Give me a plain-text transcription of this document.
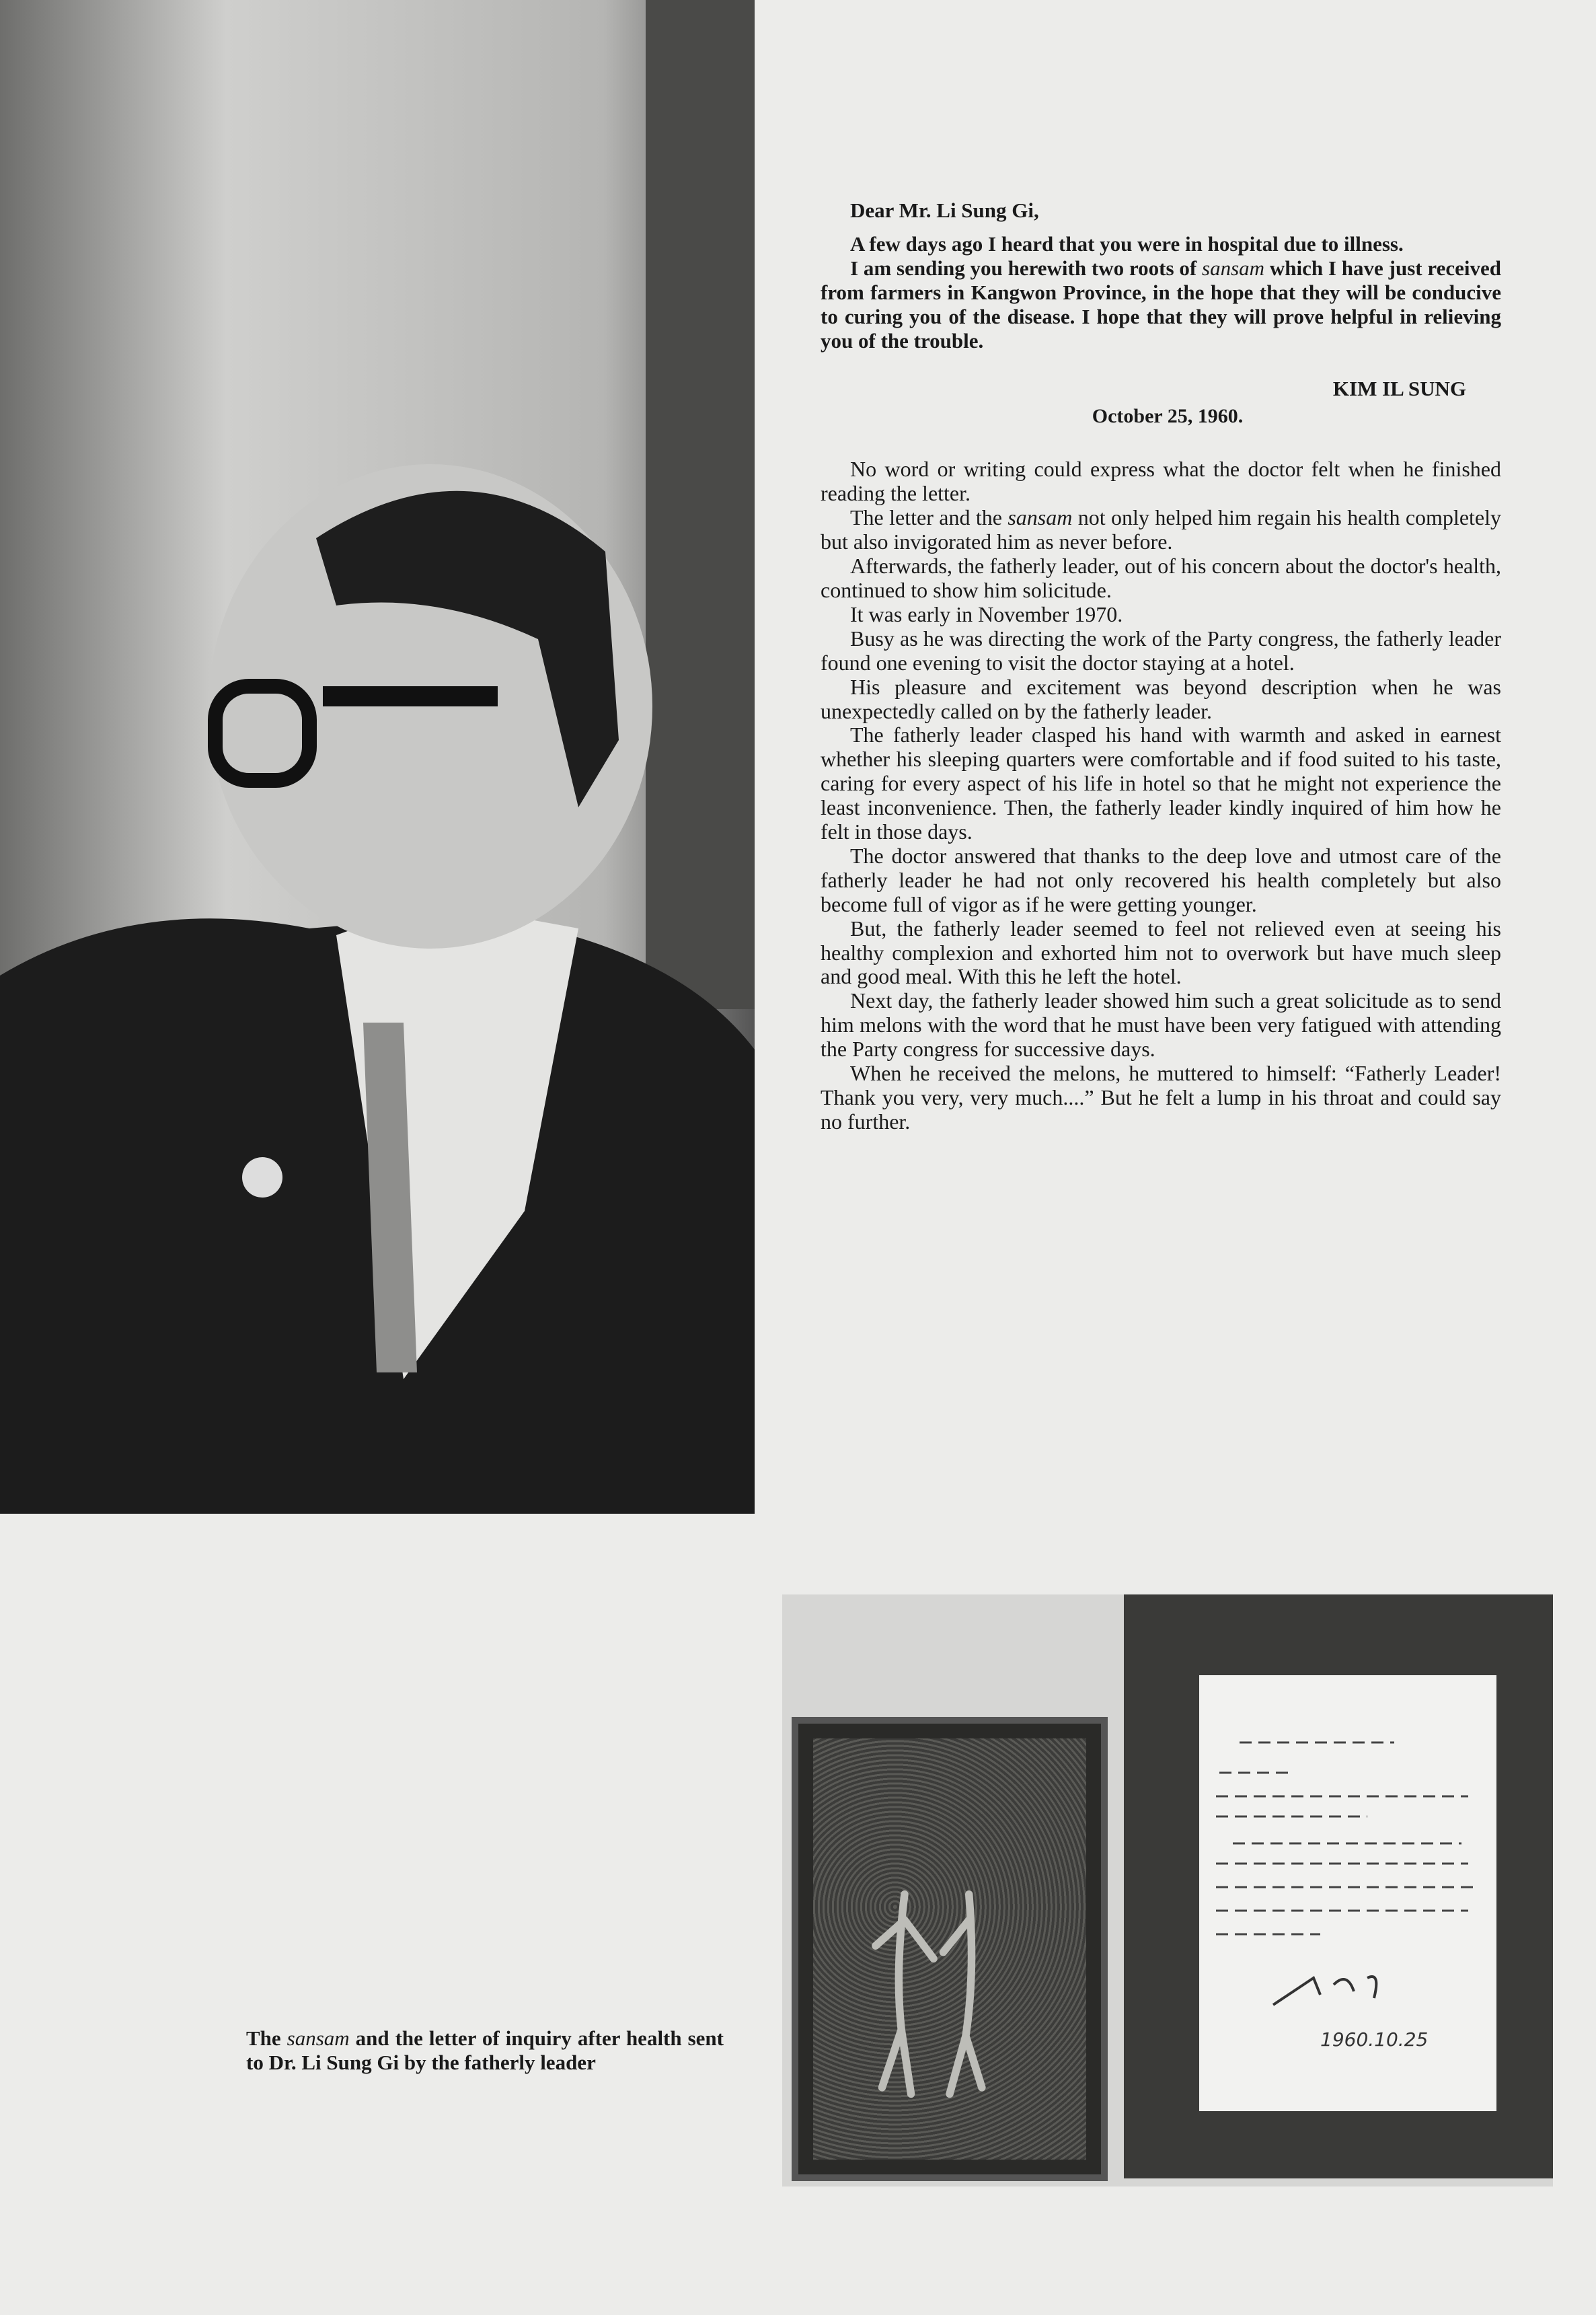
Dear Mr. Li Sung Gi,

A few days ago I heard that you were in hospital due to illness.

I am sending you herewith two roots of sansam which I have just received from farmers in Kangwon Province, in the hope that they will be conducive to curing you of the disease. I hope that they will prove helpful in relieving you of the trouble.

KIM IL SUNG
October 25, 1960.

No word or writing could express what the doctor felt when he finished reading the letter.

The letter and the sansam not only helped him regain his health completely but also invigorated him as never before.

Afterwards, the fatherly leader, out of his concern about the doctor's health, continued to show him solicitude.

It was early in November 1970.

Busy as he was directing the work of the Party congress, the fatherly leader found one evening to visit the doctor staying at a hotel.

His pleasure and excitement was beyond description when he was unexpectedly called on by the fatherly leader.

The fatherly leader clasped his hand with warmth and asked in earnest whether his sleeping quarters were comfortable and if food suited to his taste, caring for every aspect of his life in hotel so that he might not experience the least inconvenience. Then, the fatherly leader kindly inquired of him how he felt in those days.

The doctor answered that thanks to the deep love and utmost care of the fatherly leader he had not only recovered his health completely but also become full of vigor as if he were getting younger.

But, the fatherly leader seemed to feel not relieved even at seeing his healthy complexion and exhorted him not to overwork but have much sleep and good meal. With this he left the hotel.

Next day, the fatherly leader showed him such a great solicitude as to send him melons with the word that he must have been very fatigued with attending the Party congress for successive days.

When he received the melons, he muttered to himself: “Fatherly Leader! Thank you very, very much....” But he felt a lump in his throat and could say no further.

The sansam and the letter of inquiry after health sent to Dr. Li Sung Gi by the fatherly leader
1960.10.25
